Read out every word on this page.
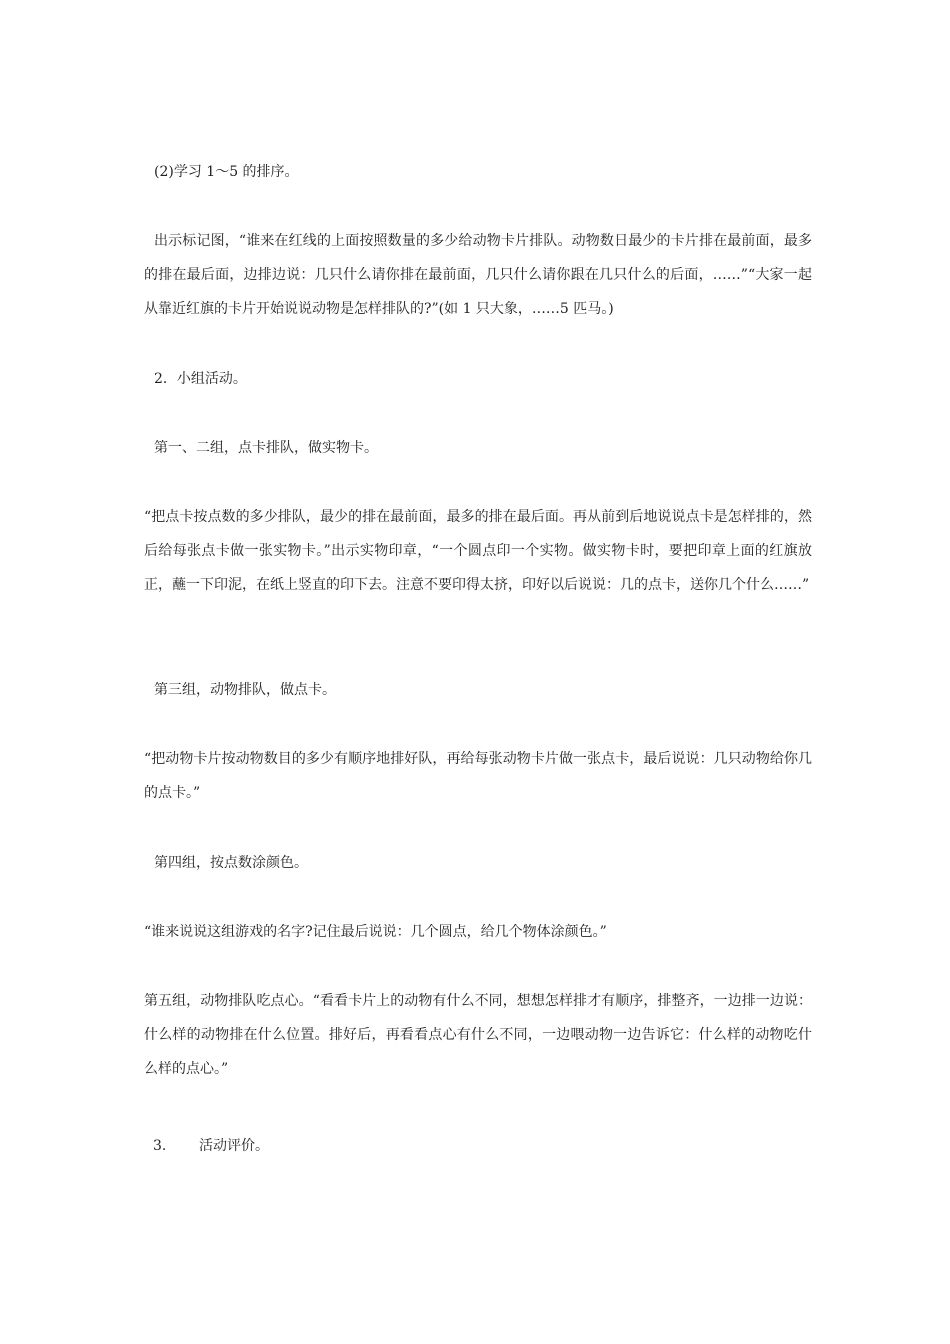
(2)学习 1～5 的排序。

出示标记图，“谁来在红线的上面按照数量的多少给动物卡片排队。动物数日最少的卡片排在最前面，最多的排在最后面，边排边说：几只什么请你排在最前面，几只什么请你跟在几只什么的后面，……”“大家一起从靠近红旗的卡片开始说说动物是怎样排队的?”(如 1 只大象，……5 匹马。)

2．小组活动。

第一、二组，点卡排队，做实物卡。

“把点卡按点数的多少排队，最少的排在最前面，最多的排在最后面。再从前到后地说说点卡是怎样排的，然后给每张点卡做一张实物卡。”出示实物印章，“一个圆点印一个实物。做实物卡时，要把印章上面的红旗放正，蘸一下印泥，在纸上竖直的印下去。注意不要印得太挤，印好以后说说：几的点卡，送你几个什么……”

第三组，动物排队，做点卡。

“把动物卡片按动物数目的多少有顺序地排好队，再给每张动物卡片做一张点卡，最后说说：几只动物给你几的点卡。”

第四组，按点数涂颜色。

“谁来说说这组游戏的名字?记住最后说说：几个圆点，给几个物体涂颜色。”

第五组，动物排队吃点心。“看看卡片上的动物有什么不同，想想怎样排才有顺序，排整齐，一边排一边说：什么样的动物排在什么位置。排好后，再看看点心有什么不同，一边喂动物一边告诉它：什么样的动物吃什么样的点心。”

3. 活动评价。
